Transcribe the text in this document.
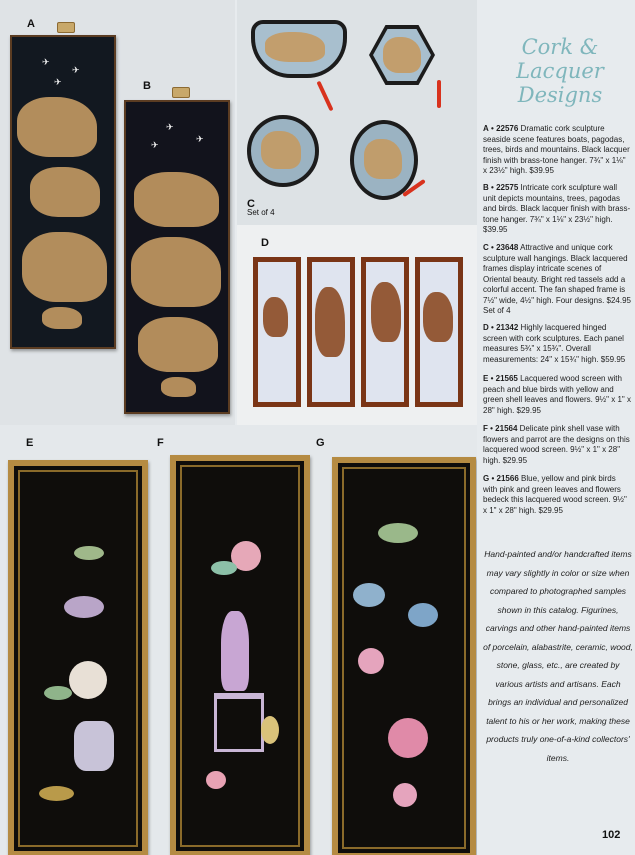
A
✈
✈
✈	B
✈
✈
✈
C
Set of 4
D
E	F	G
Cork &
Lacquer
Designs
A • 22576 Dramatic cork sculpture seaside scene features boats, pagodas, trees, birds and mountains. Black lacquer finish with brass-tone hanger. 7¾" x 1⅛" x 23½" high. $39.95
B • 22575 Intricate cork sculpture wall unit depicts mountains, trees, pagodas and birds. Black lacquer finish with brass-tone hanger. 7¾" x 1⅛" x 23½" high. $39.95
C • 23648 Attractive and unique cork sculpture wall hangings. Black lacquered frames display intricate scenes of Oriental beauty. Bright red tassels add a colorful accent. The fan shaped frame is 7½" wide, 4½" high. Four designs. $24.95 Set of 4
D • 21342 Highly lacquered hinged screen with cork sculptures. Each panel measures 5¾" x 15¾". Overall measurements: 24" x 15¾" high. $59.95
E • 21565 Lacquered wood screen with peach and blue birds with yellow and green shell leaves and flowers. 9½" x 1" x 28" high. $29.95
F • 21564 Delicate pink shell vase with flowers and parrot are the designs on this lacquered wood screen. 9½" x 1" x 28" high. $29.95
G • 21566 Blue, yellow and pink birds with pink and green leaves and flowers bedeck this lacquered wood screen. 9½" x 1" x 28" high. $29.95
Hand-painted and/or handcrafted items may vary slightly in color or size when compared to photographed samples shown in this catalog. Figurines, carvings and other hand-painted items of porcelain, alabastrite, ceramic, wood, stone, glass, etc., are created by various artists and artisans. Each brings an individual and personalized talent to his or her work, making these products truly one-of-a-kind collectors' items.
102
